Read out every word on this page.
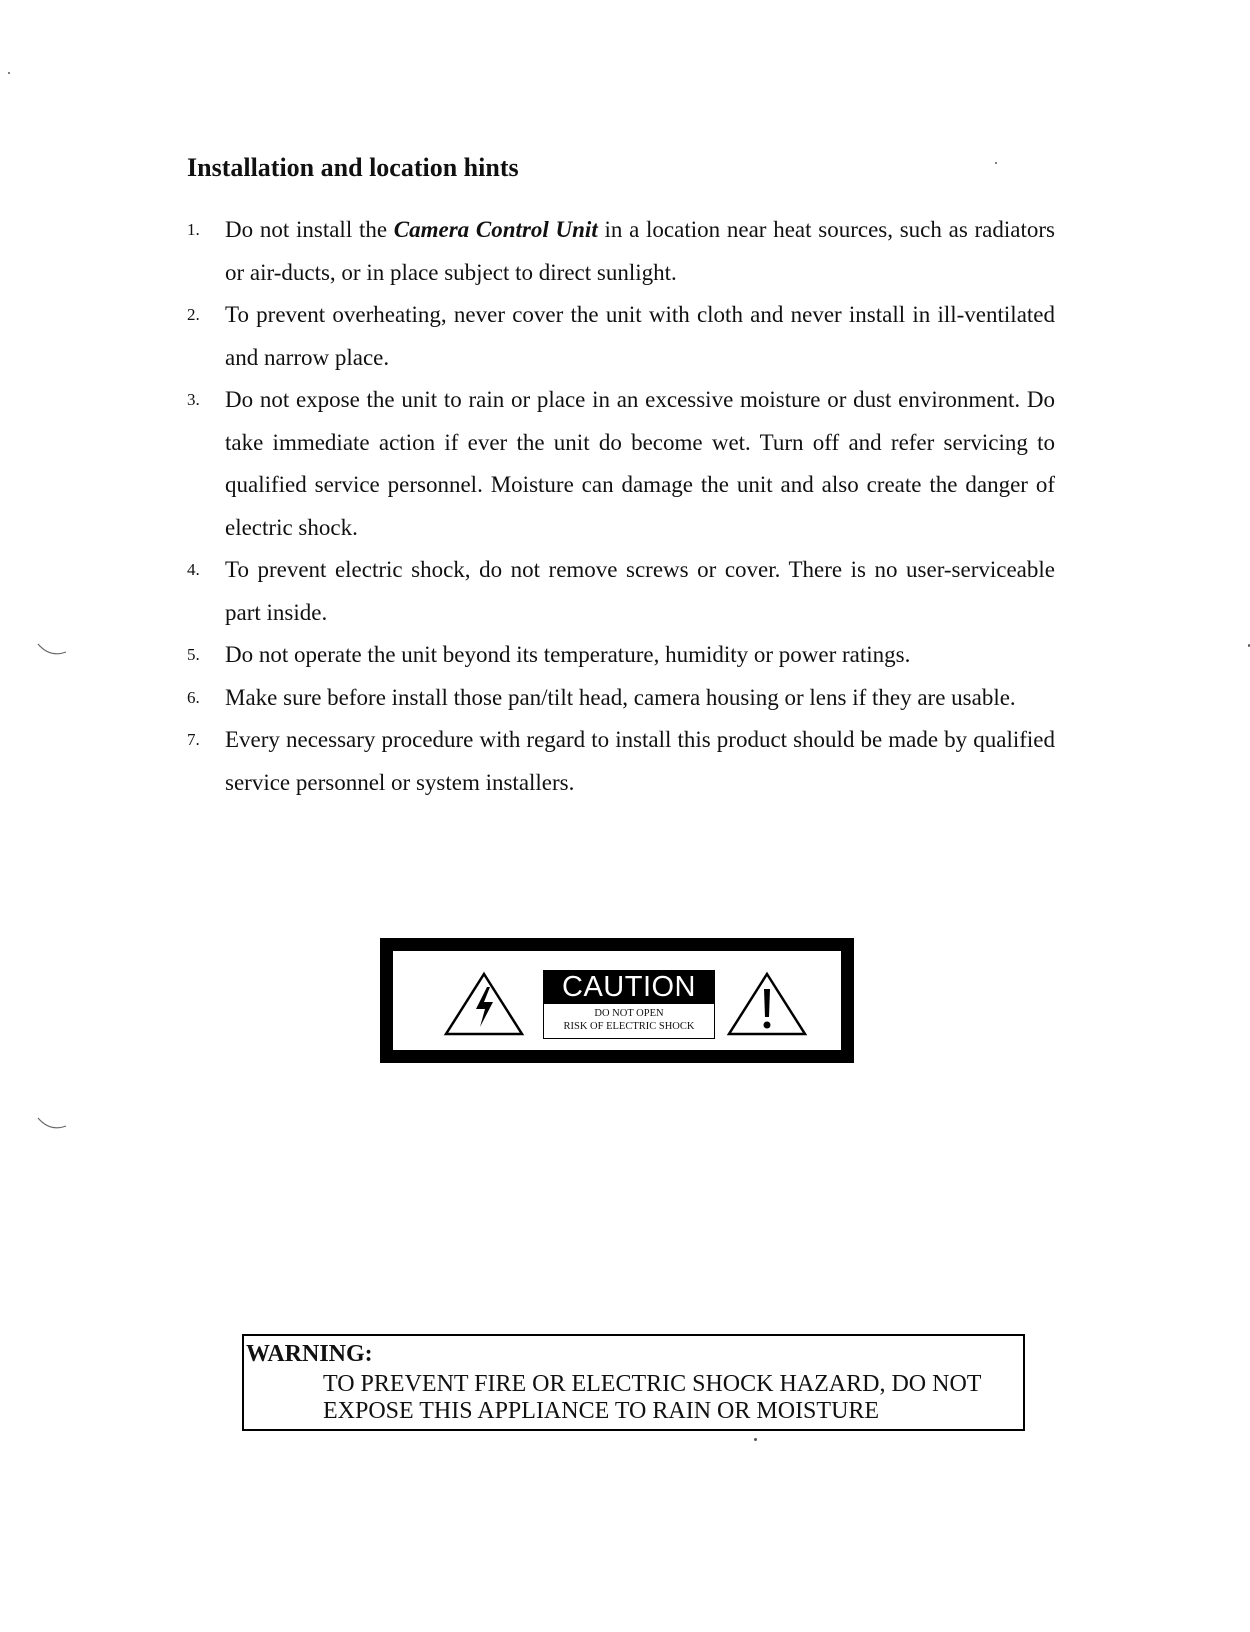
Installation and location hints
1. Do not install the Camera Control Unit in a location near heat sources, such as radiators or air-ducts, or in place subject to direct sunlight.
2. To prevent overheating, never cover the unit with cloth and never install in ill-ventilated and narrow place.
3. Do not expose the unit to rain or place in an excessive moisture or dust environment. Do take immediate action if ever the unit do become wet. Turn off and refer servicing to qualified service personnel. Moisture can damage the unit and also create the danger of electric shock.
4. To prevent electric shock, do not remove screws or cover. There is no user-serviceable part inside.
5. Do not operate the unit beyond its temperature, humidity or power ratings.
6. Make sure before install those pan/tilt head, camera housing or lens if they are usable.
7. Every necessary procedure with regard to install this product should be made by qualified service personnel or system installers.
CAUTION
DO NOT OPEN
RISK OF ELECTRIC SHOCK
WARNING:
TO PREVENT FIRE OR ELECTRIC SHOCK HAZARD, DO NOT
EXPOSE THIS APPLIANCE TO RAIN OR MOISTURE
